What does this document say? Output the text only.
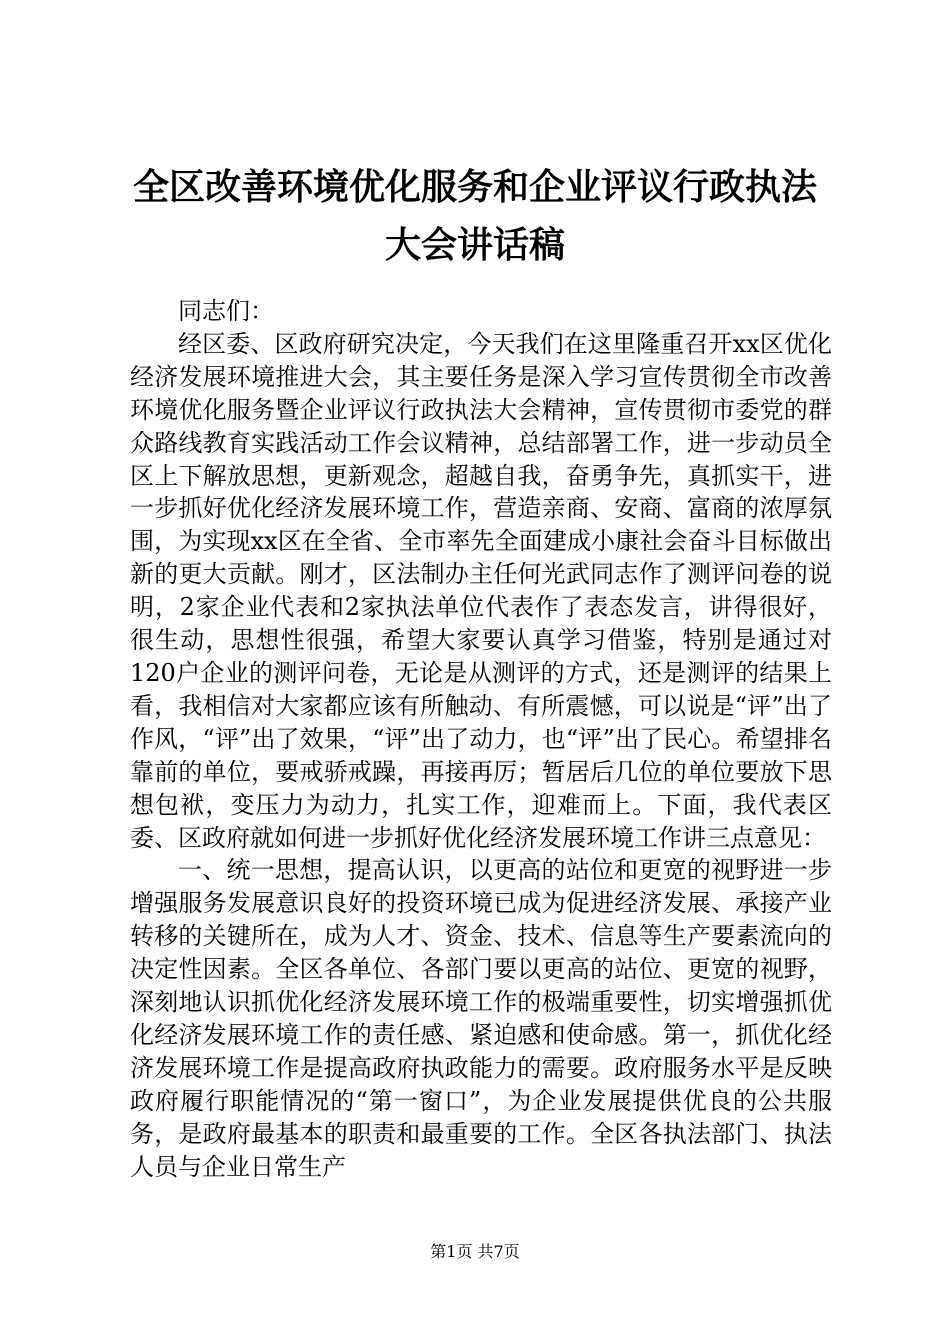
全区改善环境优化服务和企业评议行政执法大会讲话稿

同志们：

经区委、区政府研究决定，今天我们在这里隆重召开xx区优化经济发展环境推进大会，其主要任务是深入学习宣传贯彻全市改善环境优化服务暨企业评议行政执法大会精神，宣传贯彻市委党的群众路线教育实践活动工作会议精神，总结部署工作，进一步动员全区上下解放思想，更新观念，超越自我，奋勇争先，真抓实干，进一步抓好优化经济发展环境工作，营造亲商、安商、富商的浓厚氛围，为实现xx区在全省、全市率先全面建成小康社会奋斗目标做出新的更大贡献。刚才，区法制办主任何光武同志作了测评问卷的说明，2家企业代表和2家执法单位代表作了表态发言，讲得很好，很生动，思想性很强，希望大家要认真学习借鉴，特别是通过对120户企业的测评问卷，无论是从测评的方式，还是测评的结果上看，我相信对大家都应该有所触动、有所震憾，可以说是“评”出了作风，“评”出了效果，“评”出了动力，也“评”出了民心。希望排名靠前的单位，要戒骄戒躁，再接再厉；暂居后几位的单位要放下思想包袱，变压力为动力，扎实工作，迎难而上。下面，我代表区委、区政府就如何进一步抓好优化经济发展环境工作讲三点意见：

一、统一思想，提高认识，以更高的站位和更宽的视野进一步增强服务发展意识良好的投资环境已成为促进经济发展、承接产业转移的关键所在，成为人才、资金、技术、信息等生产要素流向的决定性因素。全区各单位、各部门要以更高的站位、更宽的视野，深刻地认识抓优化经济发展环境工作的极端重要性，切实增强抓优化经济发展环境工作的责任感、紧迫感和使命感。第一，抓优化经济发展环境工作是提高政府执政能力的需要。政府服务水平是反映政府履行职能情况的“第一窗口”，为企业发展提供优良的公共服务，是政府最基本的职责和最重要的工作。全区各执法部门、执法人员与企业日常生产

第1页 共7页
